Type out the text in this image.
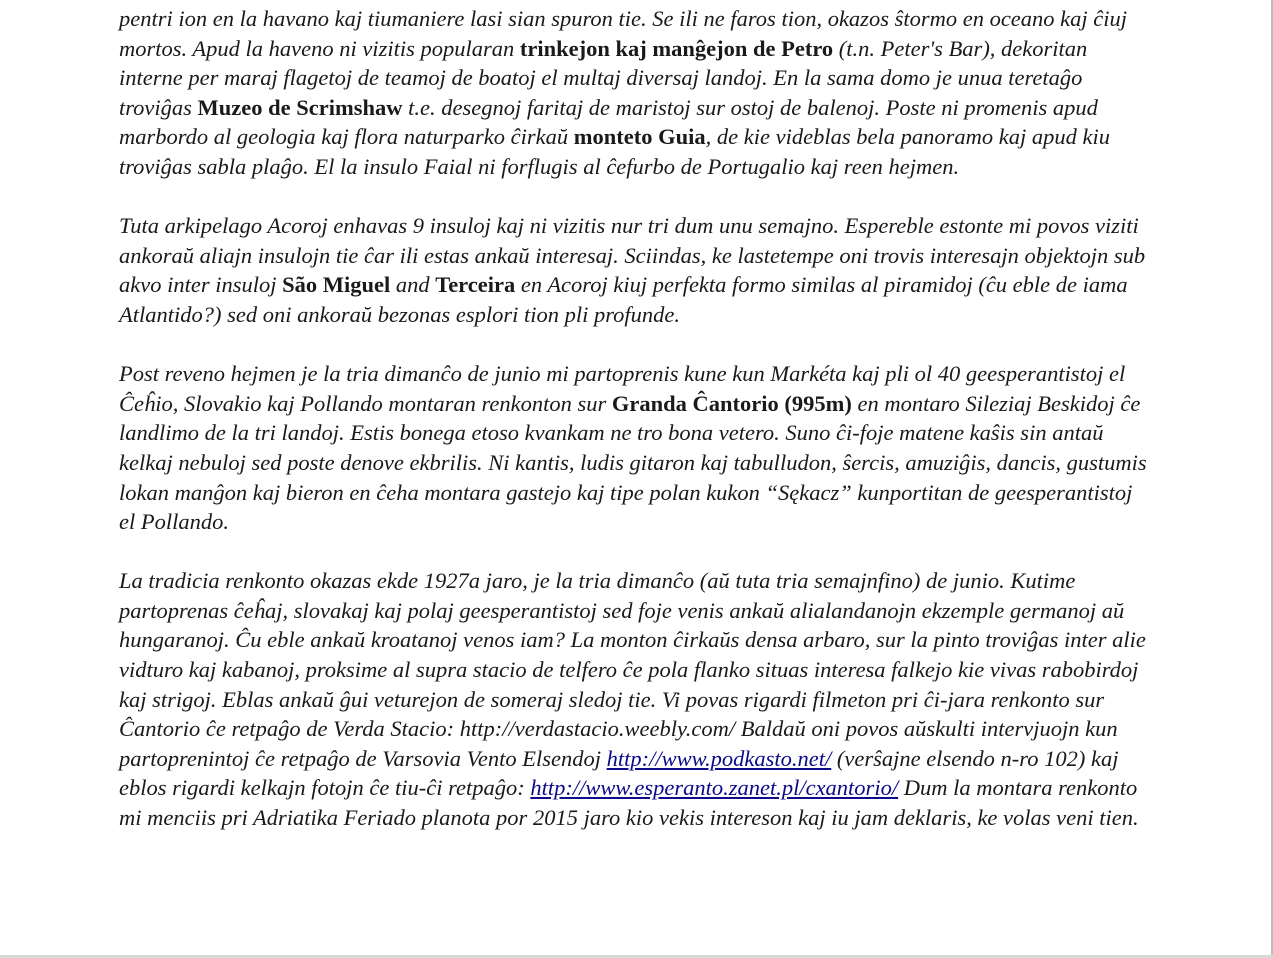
pentri ion en la havano kaj tiumaniere lasi sian spuron tie. Se ili ne faros tion, okazos ŝtormo en oceano kaj ĉiuj mortos. Apud la haveno ni vizitis popularan trinkejon kaj manĝejon de Petro (t.n. Peter's Bar), dekoritan interne per maraj flagetoj de teamoj de boatoj el multaj diversaj landoj. En la sama domo je unua teretaĝo troviĝas Muzeo de Scrimshaw t.e. desegnoj faritaj de maristoj sur ostoj de balenoj. Poste ni promenis apud marbordo al geologia kaj flora naturparko ĉirkaŭ monteto Guia, de kie videblas bela panoramo kaj apud kiu troviĝas sabla plaĝo. El la insulo Faial ni forflugis al ĉefurbo de Portugalio kaj reen hejmen.

Tuta arkipelago Acoroj enhavas 9 insuloj kaj ni vizitis nur tri dum unu semajno. Espereble estonte mi povos viziti ankoraŭ aliajn insulojn tie ĉar ili estas ankaŭ interesaj. Sciindas, ke lastetempe oni trovis interesajn objektojn sub akvo inter insuloj São Miguel and Terceira en Acoroj kiuj perfekta formo similas al piramidoj (ĉu eble de iama Atlantido?) sed oni ankoraŭ bezonas esplori tion pli profunde.

Post reveno hejmen je la tria dimanĉo de junio mi partoprenis kune kun Markéta kaj pli ol 40 geesperantistoj el Ĉeĥio, Slovakio kaj Pollando montaran renkonton sur Granda Ĉantorio (995m) en montaro Sileziaj Beskidoj ĉe landlimo de la tri landoj. Estis bonega etoso kvankam ne tro bona vetero. Suno ĉi-foje matene kaŝis sin antaŭ kelkaj nebuloj sed poste denove ekbrilis. Ni kantis, ludis gitaron kaj tabulludon, ŝercis, amuziĝis, dancis, gustumis lokan manĝon kaj bieron en ĉeha montara gastejo kaj tipe polan kukon “Sękacz” kunportitan de geesperantistoj el Pollando.

La tradicia renkonto okazas ekde 1927a jaro, je la tria dimanĉo (aŭ tuta tria semajnfino) de junio. Kutime partoprenas ĉeĥaj, slovakaj kaj polaj geesperantistoj sed foje venis ankaŭ alialandanojn ekzemple germanoj aŭ hungaranoj. Ĉu eble ankaŭ kroatanoj venos iam? La monton ĉirkaŭs densa arbaro, sur la pinto troviĝas inter alie vidturo kaj kabanoj, proksime al supra stacio de telfero ĉe pola flanko situas interesa falkejo kie vivas rabobirdoj kaj strigoj. Eblas ankaŭ ĝui veturejon de someraj sledoj tie. Vi povas rigardi filmeton pri ĉi-jara renkonto sur Ĉantorio ĉe retpaĝo de Verda Stacio: http://verdastacio.weebly.com/ Baldaŭ oni povos aŭskulti intervjuojn kun partoprenintoj ĉe retpaĝo de Varsovia Vento Elsendoj http://www.podkasto.net/ (verŝajne elsendo n-ro 102) kaj eblos rigardi kelkajn fotojn ĉe tiu-ĉi retpaĝo: http://www.esperanto.zanet.pl/cxantorio/ Dum la montara renkonto mi menciis pri Adriatika Feriado planota por 2015 jaro kio vekis intereson kaj iu jam deklaris, ke volas veni tien.
